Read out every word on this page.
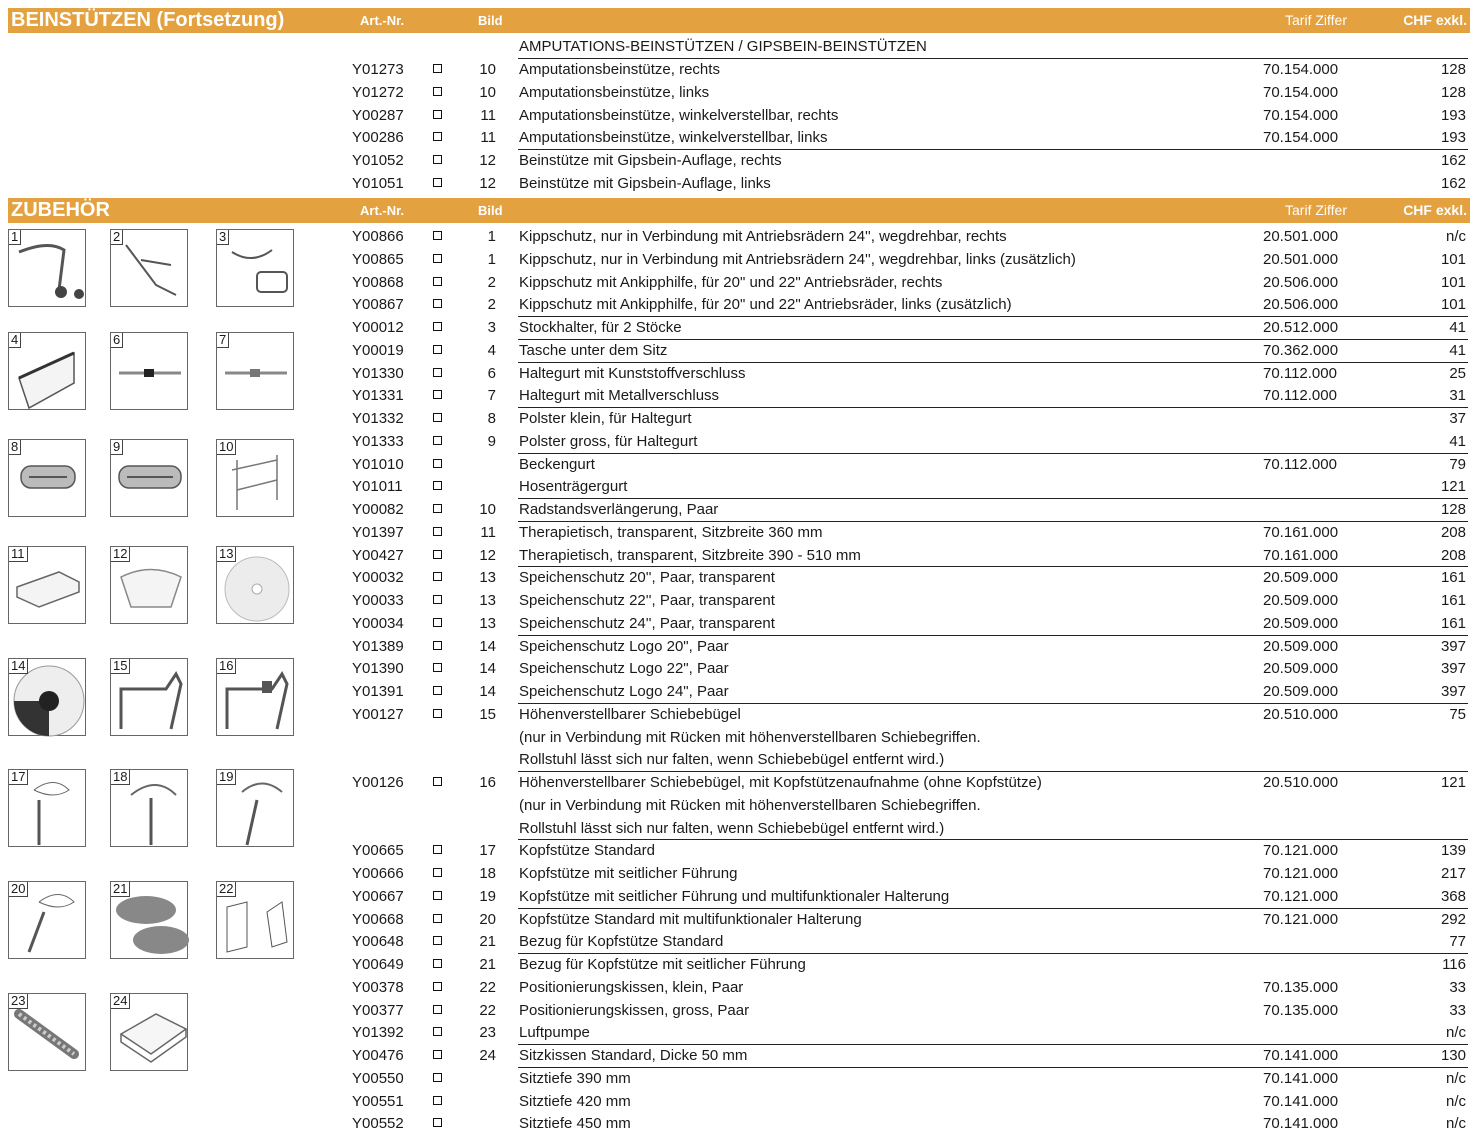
BEINSTÜTZEN (Fortsetzung)	Art.-Nr.	Bild	Tarif Ziffer	CHF exkl.
AMPUTATIONS-BEINSTÜTZEN / GIPSBEIN-BEINSTÜTZEN
Y01273	10 Amputationsbeinstütze, rechts	70.154.000	128
Y01272	10 Amputationsbeinstütze, links	70.154.000	128
Y00287	11 Amputationsbeinstütze, winkelverstellbar, rechts	70.154.000	193
Y00286	11 Amputationsbeinstütze, winkelverstellbar, links	70.154.000	193
Y01052	12 Beinstütze mit Gipsbein-Auflage, rechts	162
Y01051	12 Beinstütze mit Gipsbein-Auflage, links	162
ZUBEHÖR	Art.-Nr.	Bild	Tarif Ziffer	CHF exkl.
Y00866	1 Kippschutz, nur in Verbindung mit Antriebsrädern 24'', wegdrehbar, rechts	20.501.000	n/c
Y00865	1 Kippschutz, nur in Verbindung mit Antriebsrädern 24'', wegdrehbar, links (zusätzlich)	20.501.000	101
Y00868	2 Kippschutz mit Ankipphilfe, für 20" und 22" Antriebsräder, rechts	20.506.000	101
Y00867	2 Kippschutz mit Ankipphilfe, für 20" und 22" Antriebsräder, links (zusätzlich)	20.506.000	101
Y00012	3 Stockhalter, für 2 Stöcke	20.512.000	41
Y00019	4 Tasche unter dem Sitz	70.362.000	41
Y01330	6 Haltegurt mit Kunststoffverschluss	70.112.000	25
Y01331	7 Haltegurt mit Metallverschluss	70.112.000	31
Y01332	8 Polster klein, für Haltegurt	37
Y01333	9 Polster gross, für Haltegurt	41
Y01010	Beckengurt	70.112.000	79
Y01011	Hosenträgergurt	121
Y00082	10 Radstandsverlängerung, Paar	128
Y01397	11 Therapietisch, transparent, Sitzbreite 360 mm	70.161.000	208
Y00427	12 Therapietisch, transparent, Sitzbreite 390 - 510 mm	70.161.000	208
Y00032	13 Speichenschutz 20'', Paar, transparent	20.509.000	161
Y00033	13 Speichenschutz 22'', Paar, transparent	20.509.000	161
Y00034	13 Speichenschutz 24'', Paar, transparent	20.509.000	161
Y01389	14 Speichenschutz Logo 20", Paar	20.509.000	397
Y01390	14 Speichenschutz Logo 22", Paar	20.509.000	397
Y01391	14 Speichenschutz Logo 24", Paar	20.509.000	397
Y00127	15 Höhenverstellbarer Schiebebügel	20.510.000	75
(nur in Verbindung mit Rücken mit höhenverstellbaren Schiebegriffen.
Rollstuhl lässt sich nur falten, wenn Schiebebügel entfernt wird.)
Y00126	16 Höhenverstellbarer Schiebebügel, mit Kopfstützenaufnahme (ohne Kopfstütze)	20.510.000	121
(nur in Verbindung mit Rücken mit höhenverstellbaren Schiebegriffen.
Rollstuhl lässt sich nur falten, wenn Schiebebügel entfernt wird.)
Y00665	17 Kopfstütze Standard	70.121.000	139
Y00666	18 Kopfstütze mit seitlicher Führung	70.121.000	217
Y00667	19 Kopfstütze mit seitlicher Führung und multifunktionaler Halterung	70.121.000	368
Y00668	20 Kopfstütze Standard mit multifunktionaler Halterung	70.121.000	292
Y00648	21 Bezug für Kopfstütze Standard	77
Y00649	21 Bezug für Kopfstütze mit seitlicher Führung	116
Y00378	22 Positionierungskissen, klein, Paar	70.135.000	33
Y00377	22 Positionierungskissen, gross, Paar	70.135.000	33
Y01392	23 Luftpumpe	n/c
Y00476	24 Sitzkissen Standard, Dicke 50 mm	70.141.000	130
Y00550	Sitztiefe 390 mm	70.141.000	n/c
Y00551	Sitztiefe 420 mm	70.141.000	n/c
Y00552	Sitztiefe 450 mm	70.141.000	n/c
1	2	3
4	6	7
8	9	10
11	12	13
14	15	16
17	18	19
20	21	22
23	24
